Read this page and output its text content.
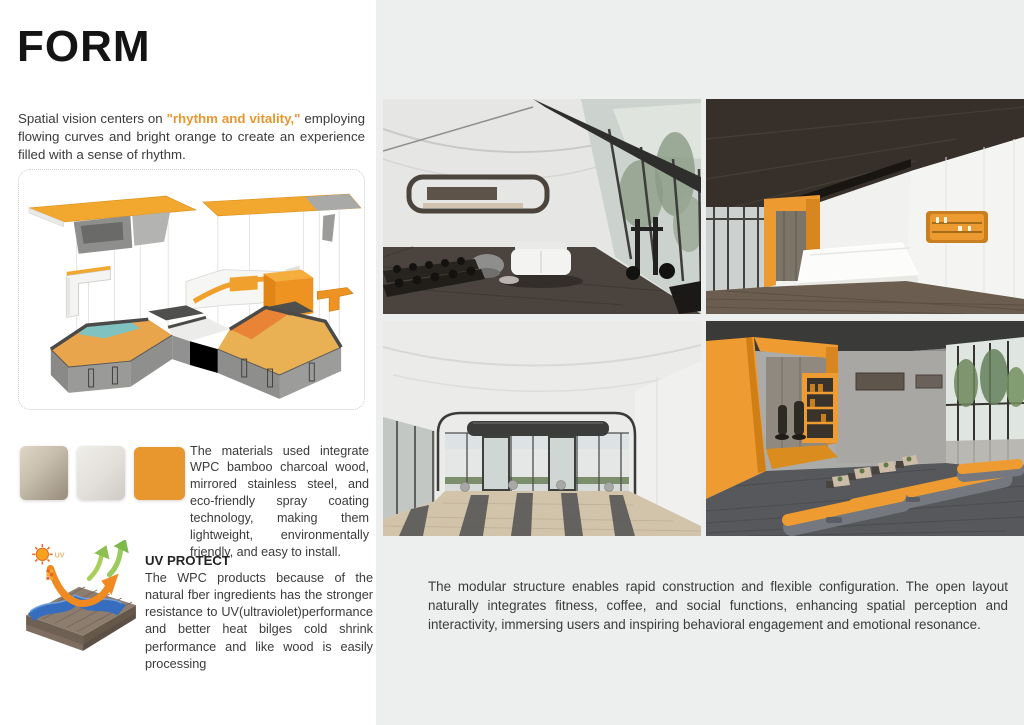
FORM

Spatial vision centers on "rhythm and vitality," employing flowing curves and bright orange to create an experience filled with a sense of rhythm.

The materials used integrate WPC bamboo charcoal wood, mirrored stainless steel, and eco-friendly spray coating technology, making them lightweight, environmentally friendly, and easy to install.

UV	UV PROTECT
The WPC products because of the natural fber ingredients has the stronger resistance to UV(ultraviolet)performance and better heat bilges cold shrink performance and like wood is easily processing

The modular structure enables rapid construction and flexible configuration. The open layout naturally integrates fitness, coffee, and social functions, enhancing spatial perception and interactivity, immersing users and inspiring behavioral engagement and emotional resonance.
